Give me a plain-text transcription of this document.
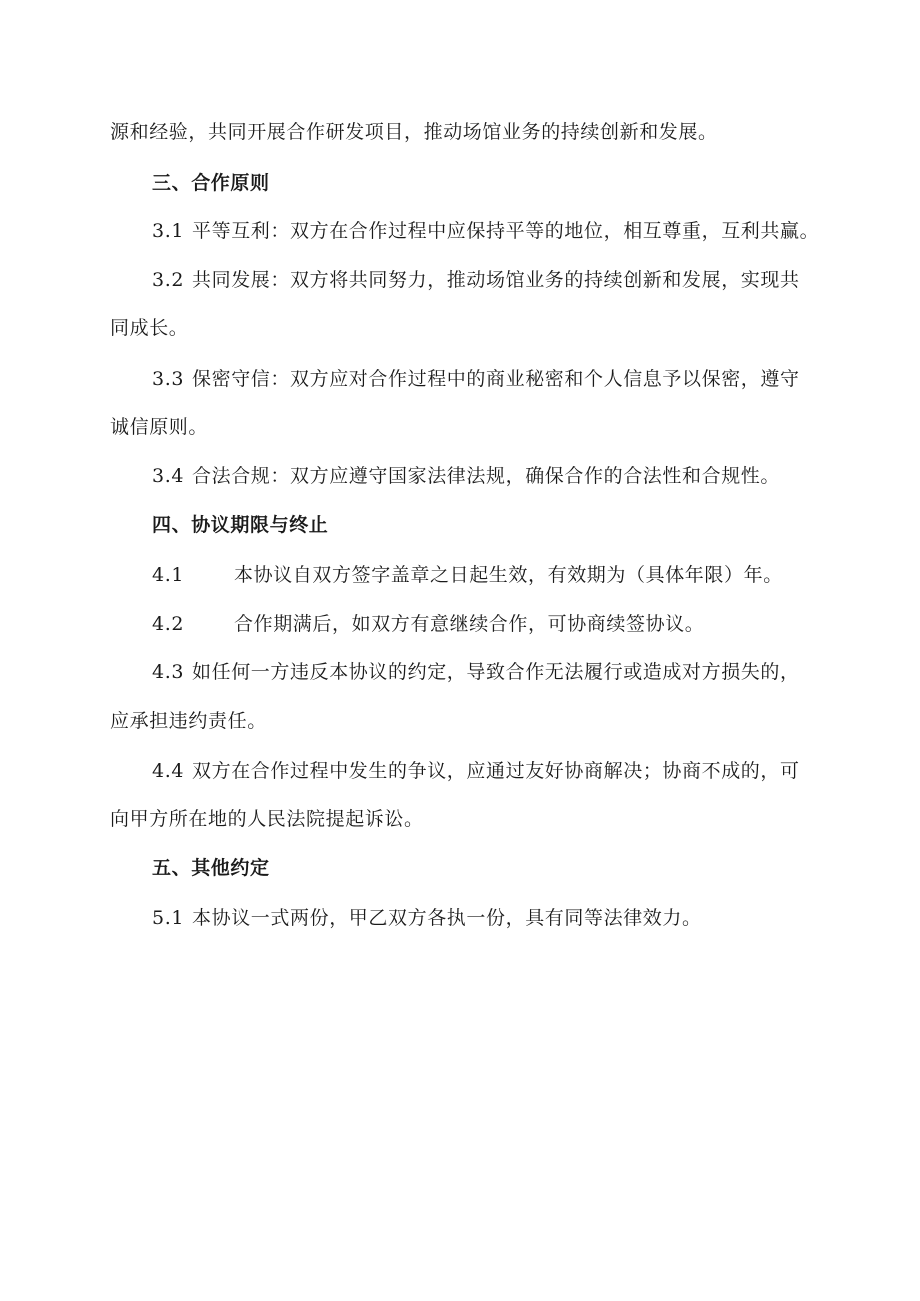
源和经验，共同开展合作研发项目，推动场馆业务的持续创新和发展。
三、合作原则
3.1 平等互利：双方在合作过程中应保持平等的地位，相互尊重，互利共赢。
3.2 共同发展：双方将共同努力，推动场馆业务的持续创新和发展，实现共
同成长。
3.3 保密守信：双方应对合作过程中的商业秘密和个人信息予以保密，遵守
诚信原则。
3.4 合法合规：双方应遵守国家法律法规，确保合作的合法性和合规性。
四、协议期限与终止
4.1	本协议自双方签字盖章之日起生效，有效期为（具体年限）年。
4.2	合作期满后，如双方有意继续合作，可协商续签协议。
4.3 如任何一方违反本协议的约定，导致合作无法履行或造成对方损失的，
应承担违约责任。
4.4 双方在合作过程中发生的争议，应通过友好协商解决；协商不成的，可
向甲方所在地的人民法院提起诉讼。
五、其他约定
5.1 本协议一式两份，甲乙双方各执一份，具有同等法律效力。
